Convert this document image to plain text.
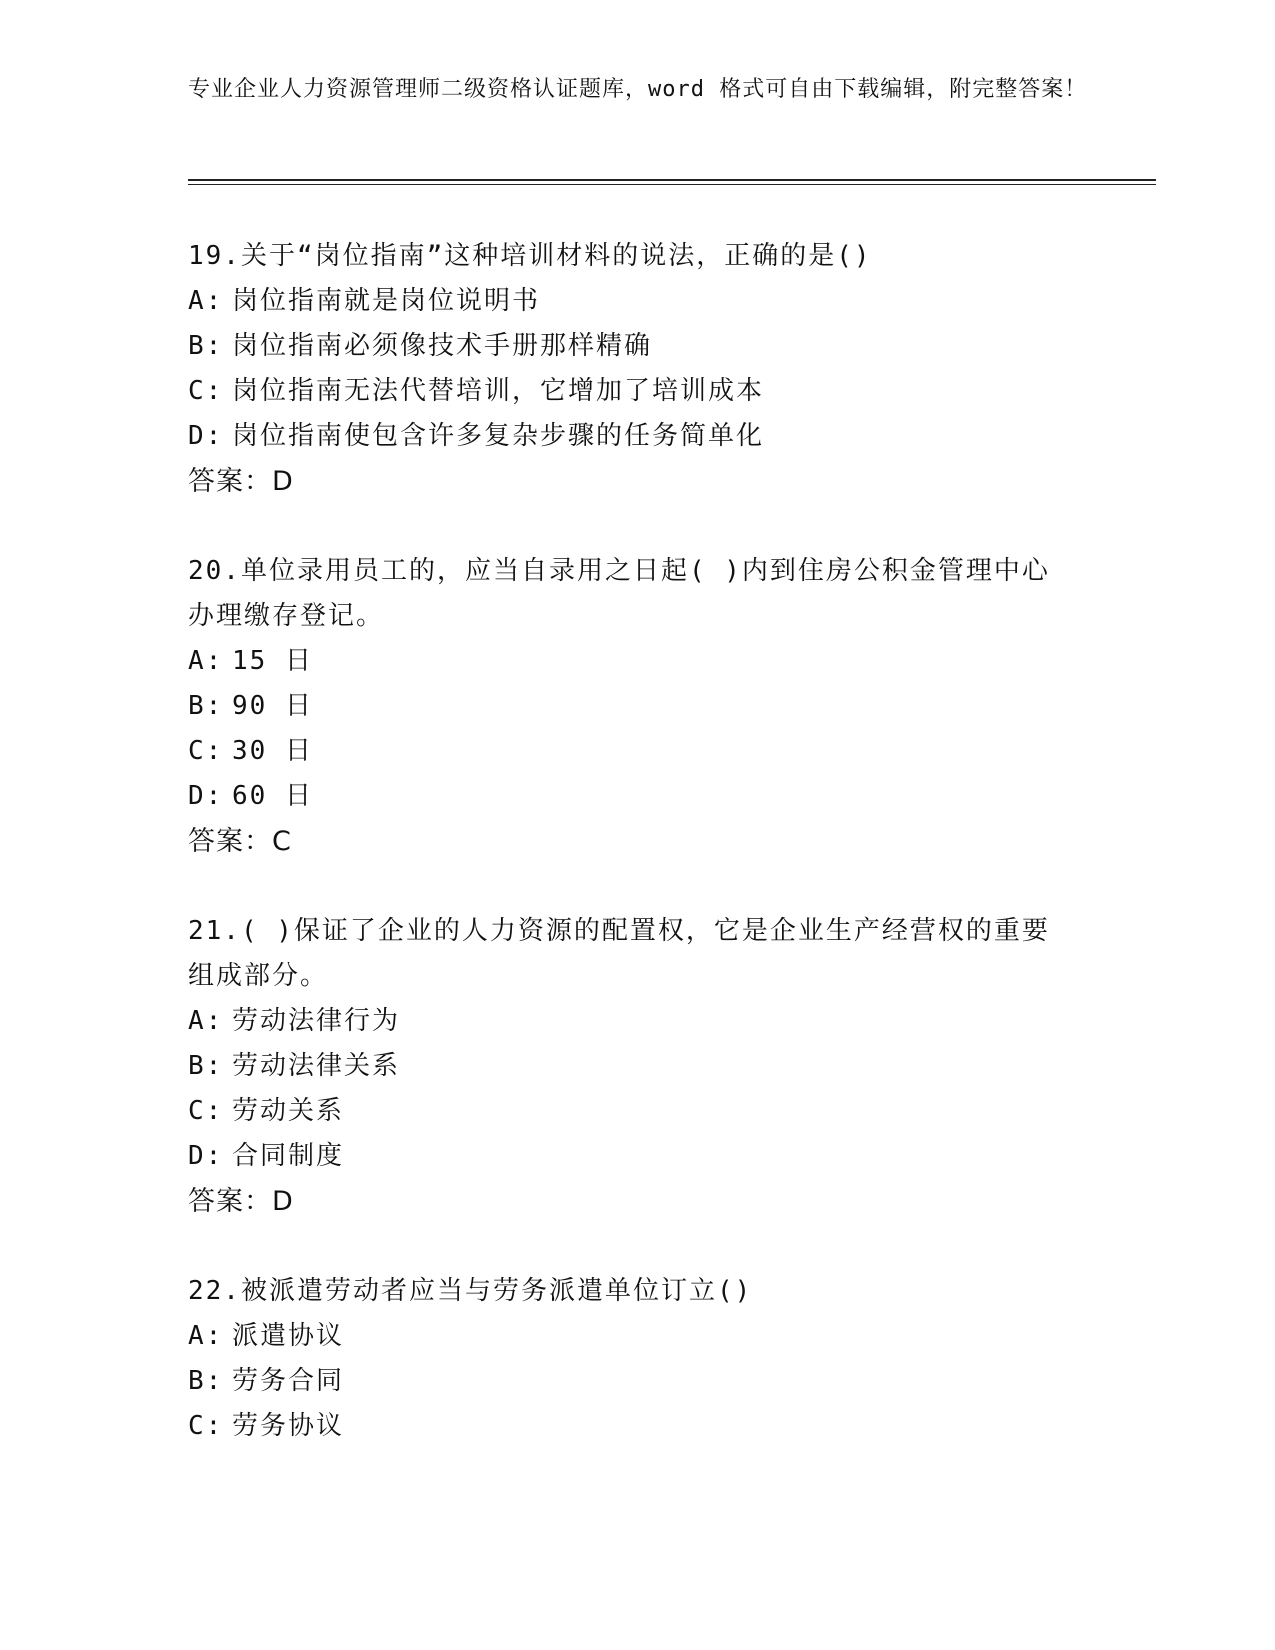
专业企业人力资源管理师二级资格认证题库，word 格式可自由下载编辑，附完整答案！
19.关于“岗位指南”这种培训材料的说法，正确的是()
A: 岗位指南就是岗位说明书
B: 岗位指南必须像技术手册那样精确
C: 岗位指南无法代替培训，它增加了培训成本
D: 岗位指南使包含许多复杂步骤的任务简单化
答案：D
20.单位录用员工的，应当自录用之日起( )内到住房公积金管理中心办理缴存登记。
A: 15 日
B: 90 日
C: 30 日
D: 60 日
答案：C
21.( )保证了企业的人力资源的配置权，它是企业生产经营权的重要组成部分。
A: 劳动法律行为
B: 劳动法律关系
C: 劳动关系
D: 合同制度
答案：D
22.被派遣劳动者应当与劳务派遣单位订立()
A: 派遣协议
B: 劳务合同
C: 劳务协议
